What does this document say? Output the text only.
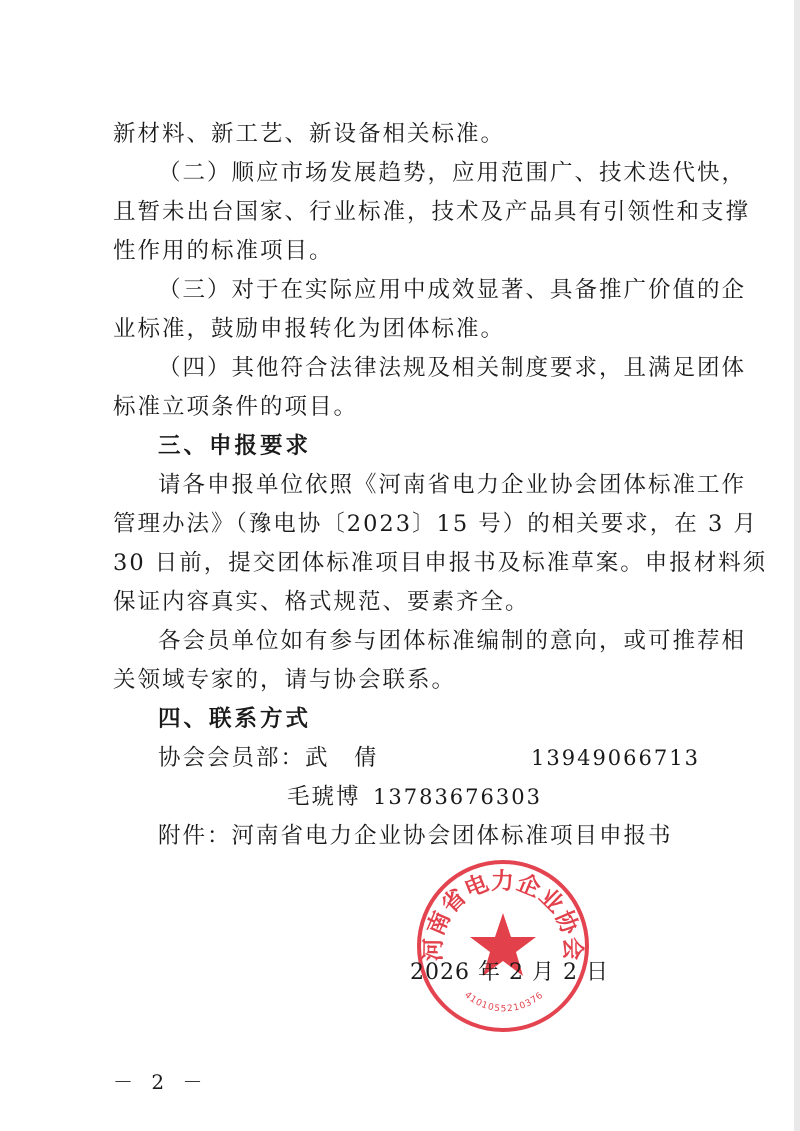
新材料、新工艺、新设备相关标准。
（二）顺应市场发展趋势，应用范围广、技术迭代快，
且暂未出台国家、行业标准，技术及产品具有引领性和支撑
性作用的标准项目。
（三）对于在实际应用中成效显著、具备推广价值的企
业标准，鼓励申报转化为团体标准。
（四）其他符合法律法规及相关制度要求，且满足团体
标准立项条件的项目。
三、申报要求
请各申报单位依照《河南省电力企业协会团体标准工作
管理办法》（豫电协〔2023〕15 号）的相关要求，在 3 月
30 日前，提交团体标准项目申报书及标准草案。申报材料须
保证内容真实、格式规范、要素齐全。
各会员单位如有参与团体标准编制的意向，或可推荐相
关领域专家的，请与协会联系。
四、联系方式
协会会员部：武　倩	13949066713
毛琥博 13783676303
附件：河南省电力企业协会团体标准项目申报书
河南省电力企业协会
4101055210376
2026 年 2 月 2 日
－ 2 －
